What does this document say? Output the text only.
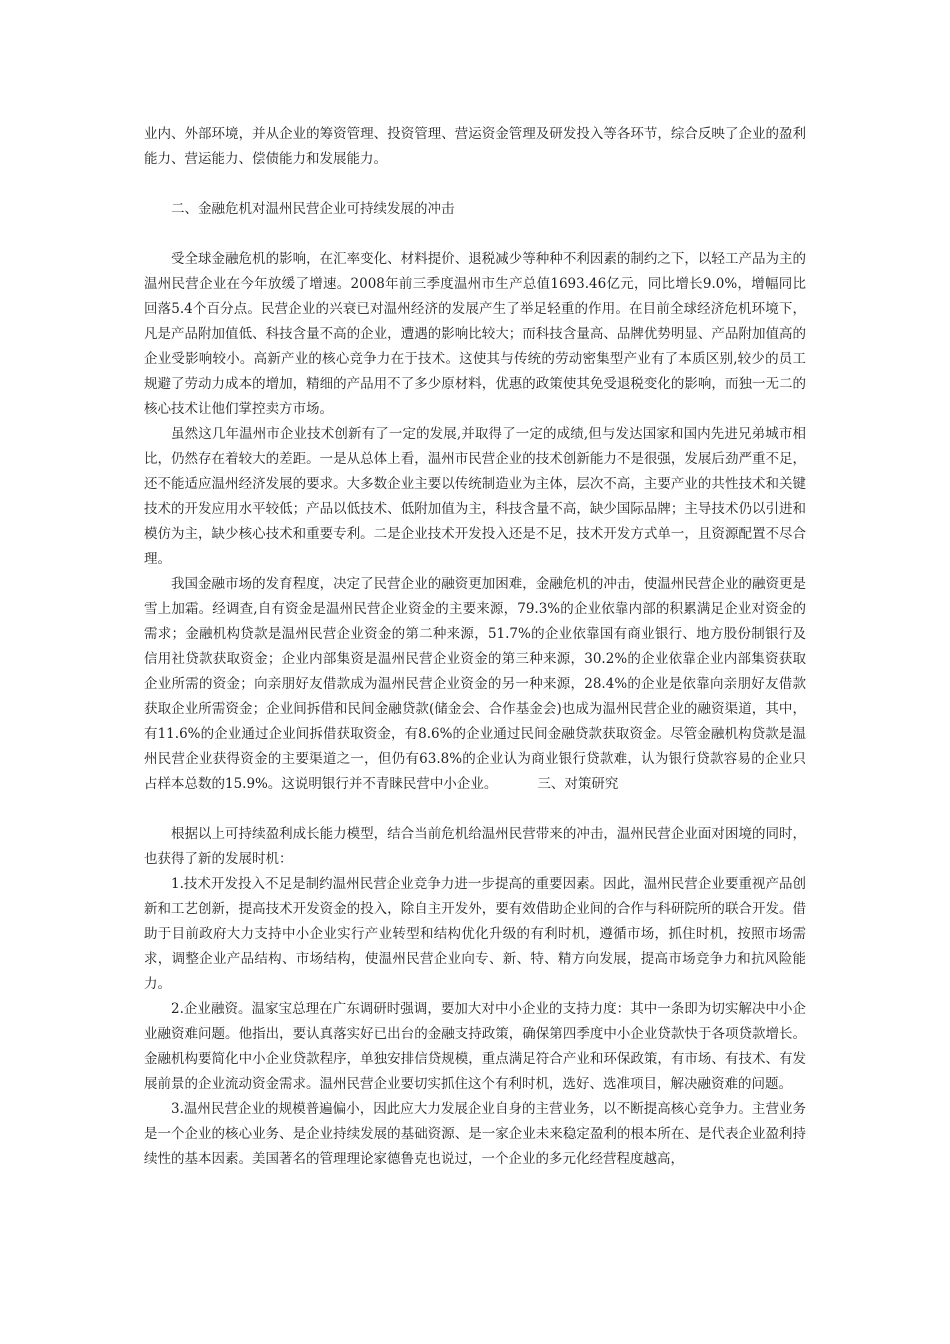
业内、外部环境，并从企业的筹资管理、投资管理、营运资金管理及研发投入等各环节，综合反映了企业的盈利能力、营运能力、偿债能力和发展能力。

二、金融危机对温州民营企业可持续发展的冲击

受全球金融危机的影响，在汇率变化、材料提价、退税减少等种种不利因素的制约之下，以轻工产品为主的温州民营企业在今年放缓了增速。2008年前三季度温州市生产总值1693.46亿元，同比增长9.0%，增幅同比回落5.4个百分点。民营企业的兴衰已对温州经济的发展产生了举足轻重的作用。在目前全球经济危机环境下，凡是产品附加值低、科技含量不高的企业，遭遇的影响比较大；而科技含量高、品牌优势明显、产品附加值高的企业受影响较小。高新产业的核心竞争力在于技术。这使其与传统的劳动密集型产业有了本质区别,较少的员工规避了劳动力成本的增加，精细的产品用不了多少原材料，优惠的政策使其免受退税变化的影响，而独一无二的核心技术让他们掌控卖方市场。

虽然这几年温州市企业技术创新有了一定的发展,并取得了一定的成绩,但与发达国家和国内先进兄弟城市相比，仍然存在着较大的差距。一是从总体上看，温州市民营企业的技术创新能力不是很强，发展后劲严重不足，还不能适应温州经济发展的要求。大多数企业主要以传统制造业为主体，层次不高，主要产业的共性技术和关键技术的开发应用水平较低；产品以低技术、低附加值为主，科技含量不高，缺少国际品牌；主导技术仍以引进和模仿为主，缺少核心技术和重要专利。二是企业技术开发投入还是不足，技术开发方式单一，且资源配置不尽合理。

我国金融市场的发育程度，决定了民营企业的融资更加困难，金融危机的冲击，使温州民营企业的融资更是雪上加霜。经调查,自有资金是温州民营企业资金的主要来源，79.3%的企业依靠内部的积累满足企业对资金的需求；金融机构贷款是温州民营企业资金的第二种来源，51.7%的企业依靠国有商业银行、地方股份制银行及信用社贷款获取资金；企业内部集资是温州民营企业资金的第三种来源，30.2%的企业依靠企业内部集资获取企业所需的资金；向亲朋好友借款成为温州民营企业资金的另一种来源，28.4%的企业是依靠向亲朋好友借款获取企业所需资金；企业间拆借和民间金融贷款(储金会、合作基金会)也成为温州民营企业的融资渠道，其中，有11.6%的企业通过企业间拆借获取资金，有8.6%的企业通过民间金融贷款获取资金。尽管金融机构贷款是温州民营企业获得资金的主要渠道之一，但仍有63.8%的企业认为商业银行贷款难，认为银行贷款容易的企业只占样本总数的15.9%。这说明银行并不青睐民营中小企业。	三、对策研究

根据以上可持续盈利成长能力模型，结合当前危机给温州民营带来的冲击，温州民营企业面对困境的同时，也获得了新的发展时机：

1.技术开发投入不足是制约温州民营企业竞争力进一步提高的重要因素。因此，温州民营企业要重视产品创新和工艺创新，提高技术开发资金的投入，除自主开发外，要有效借助企业间的合作与科研院所的联合开发。借助于目前政府大力支持中小企业实行产业转型和结构优化升级的有利时机，遵循市场，抓住时机，按照市场需求，调整企业产品结构、市场结构，使温州民营企业向专、新、特、精方向发展，提高市场竞争力和抗风险能力。

2.企业融资。温家宝总理在广东调研时强调，要加大对中小企业的支持力度：其中一条即为切实解决中小企业融资难问题。他指出，要认真落实好已出台的金融支持政策，确保第四季度中小企业贷款快于各项贷款增长。金融机构要简化中小企业贷款程序，单独安排信贷规模，重点满足符合产业和环保政策，有市场、有技术、有发展前景的企业流动资金需求。温州民营企业要切实抓住这个有利时机，选好、选准项目，解决融资难的问题。

3.温州民营企业的规模普遍偏小，因此应大力发展企业自身的主营业务，以不断提高核心竞争力。主营业务是一个企业的核心业务、是企业持续发展的基础资源、是一家企业未来稳定盈利的根本所在、是代表企业盈利持续性的基本因素。美国著名的管理理论家德鲁克也说过，一个企业的多元化经营程度越高，
